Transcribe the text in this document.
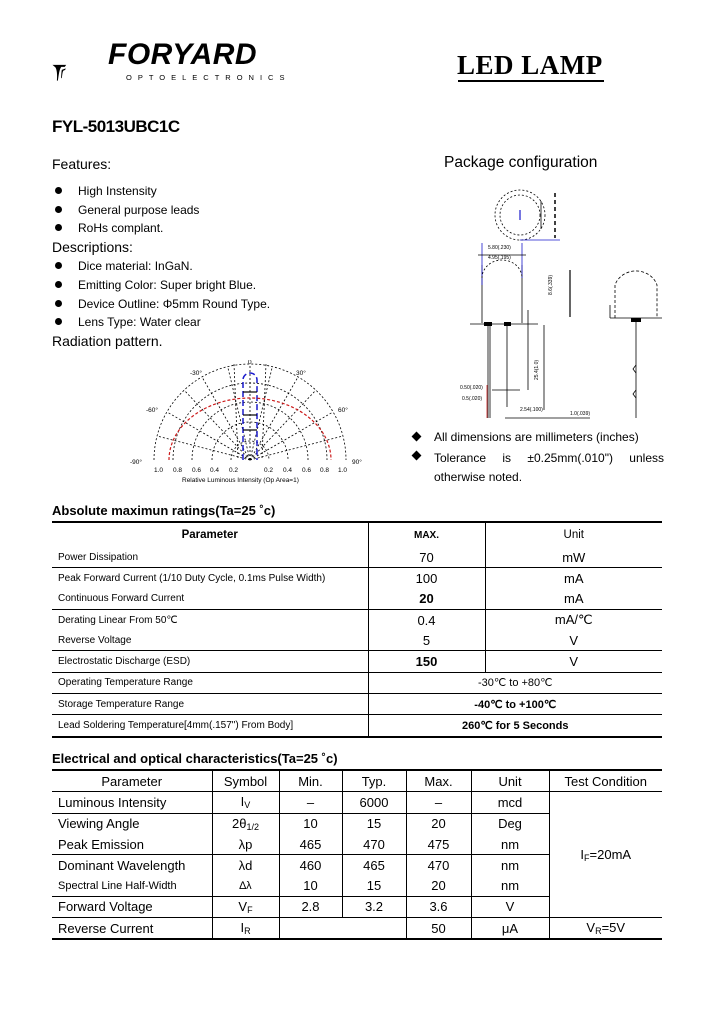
FORYARD
OPTOELECTRONICS	LED LAMP
FYL-5013UBC1C
Features:
High Instensity
General purpose leads
RoHs complant.
Descriptions:
Dice material: InGaN.
Emitting Color: Super bright Blue.
Device Outline: Φ5mm Round Type.
Lens Type: Water clear
Radiation pattern.
-90°
-60°
-30°
0
30°
60°
90°
1.0 0.8 0.6 0.4 0.2	0.2 0.4 0.6 0.8 1.0
Relative Luminous Intensity (Op Area=1)
Package configuration
5.80(.230)
4.95(.195)
8.6(.339)
0.50(.020)
0.5(.020)
2.54(.100)
25.4(1.0)
1.0(.039)
All dimensions are millimeters (inches)
Tolerance is ±0.25mm(.010") unless otherwise noted.
Absolute maximun ratings(Ta=25 ˚c)
Parameter	MAX.	Unit
Power Dissipation	70	mW
Peak Forward Current (1/10 Duty Cycle, 0.1ms Pulse Width)	100	mA
Continuous Forward Current	20	mA
Derating Linear From 50℃	0.4	mA/℃
Reverse Voltage	5	V
Electrostatic Discharge (ESD)	150	V
Operating Temperature Range	-30℃ to +80℃	
Storage Temperature Range	-40℃ to +100℃	
Lead Soldering Temperature[4mm(.157") From Body]	260℃ for 5 Seconds	
Electrical and optical characteristics(Ta=25 ˚c)
Parameter	Symbol	Min.	Typ.	Max.	Unit	Test Condition
Luminous Intensity	$I_V$	–	6000	–	mcd	$I_F=20mA$
Viewing Angle	$2\theta_{1/2}$	10	15	20	Deg	
Peak Emission	λp	465	470	475	nm	
Dominant Wavelength	λd	460	465	470	nm	
Spectral Line Half-Width	∆λ	10	15	20	nm	
Forward Voltage	$V_F$	2.8	3.2	3.6	V	
Reverse Current	$I_R$			50	μA	$V_R=5V$
